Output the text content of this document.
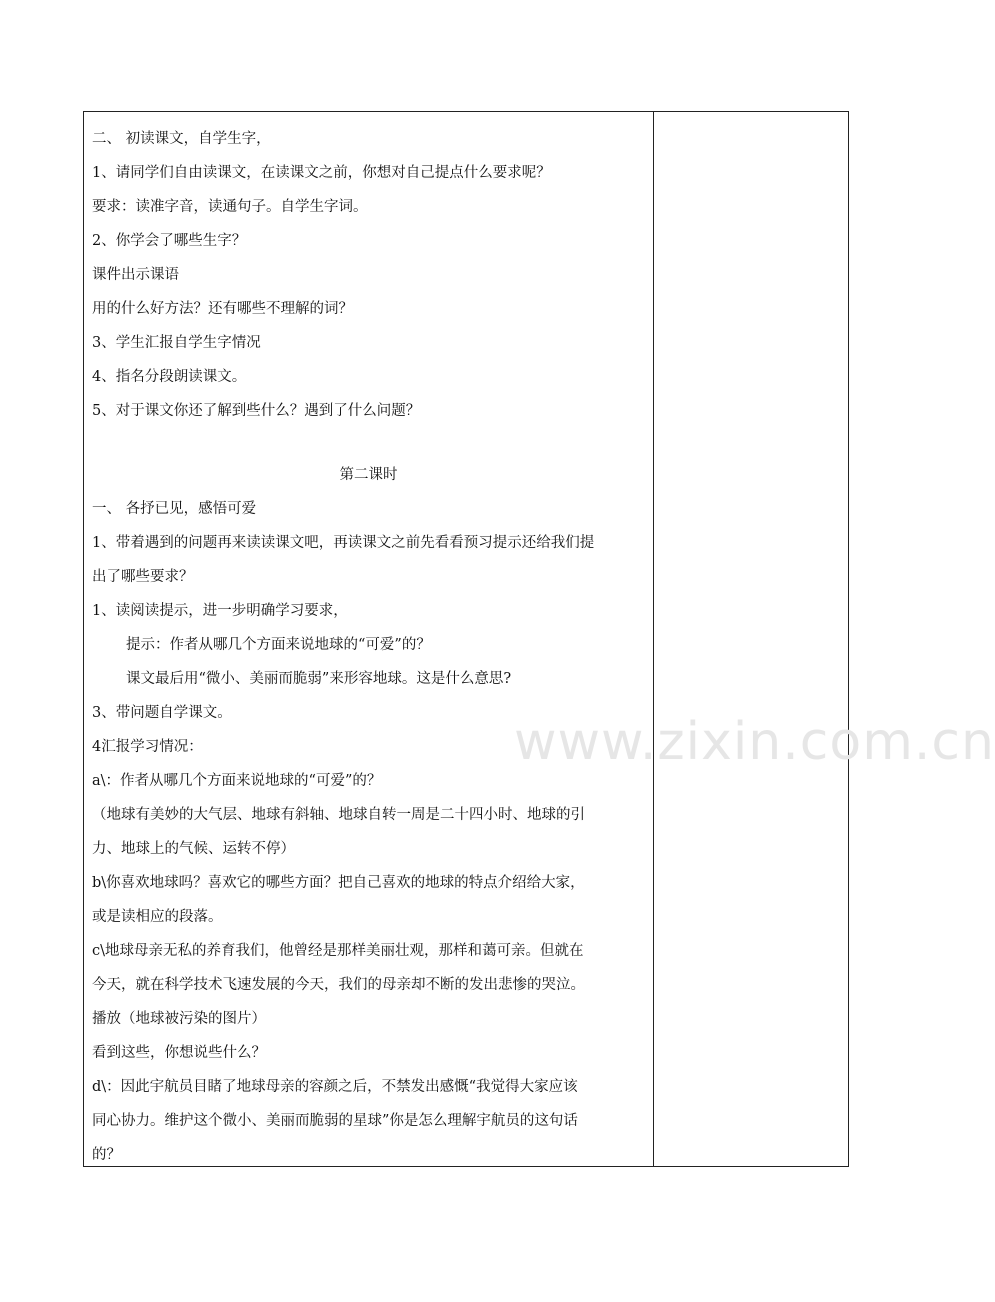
www.zixin.com.cn
二、 初读课文，自学生字，
1、请同学们自由读课文，在读课文之前，你想对自己提点什么要求呢？
要求：读准字音，读通句子。自学生字词。
2、你学会了哪些生字？
课件出示课语
用的什么好方法？还有哪些不理解的词？
3、学生汇报自学生字情况
4、指名分段朗读课文。
5、对于课文你还了解到些什么？遇到了什么问题？
第二课时
一、 各抒已见，感悟可爱
1、带着遇到的问题再来读读课文吧，再读课文之前先看看预习提示还给我们提
出了哪些要求？
1、读阅读提示，进一步明确学习要求，
提示：作者从哪几个方面来说地球的“可爱”的？
课文最后用“微小、美丽而脆弱”来形容地球。这是什么意思?
3、带问题自学课文。
4汇报学习情况：
a\：作者从哪几个方面来说地球的“可爱”的？
（地球有美妙的大气层、地球有斜轴、地球自转一周是二十四小时、地球的引
力、地球上的气候、运转不停）
b\你喜欢地球吗？喜欢它的哪些方面？把自己喜欢的地球的特点介绍给大家，
或是读相应的段落。
c\地球母亲无私的养育我们，他曾经是那样美丽壮观，那样和蔼可亲。但就在
今天，就在科学技术飞速发展的今天，我们的母亲却不断的发出悲惨的哭泣。
播放（地球被污染的图片）
看到这些，你想说些什么？
d\：因此宇航员目睹了地球母亲的容颜之后，不禁发出感慨“我觉得大家应该
同心协力。维护这个微小、美丽而脆弱的星球”你是怎么理解宇航员的这句话
的？
